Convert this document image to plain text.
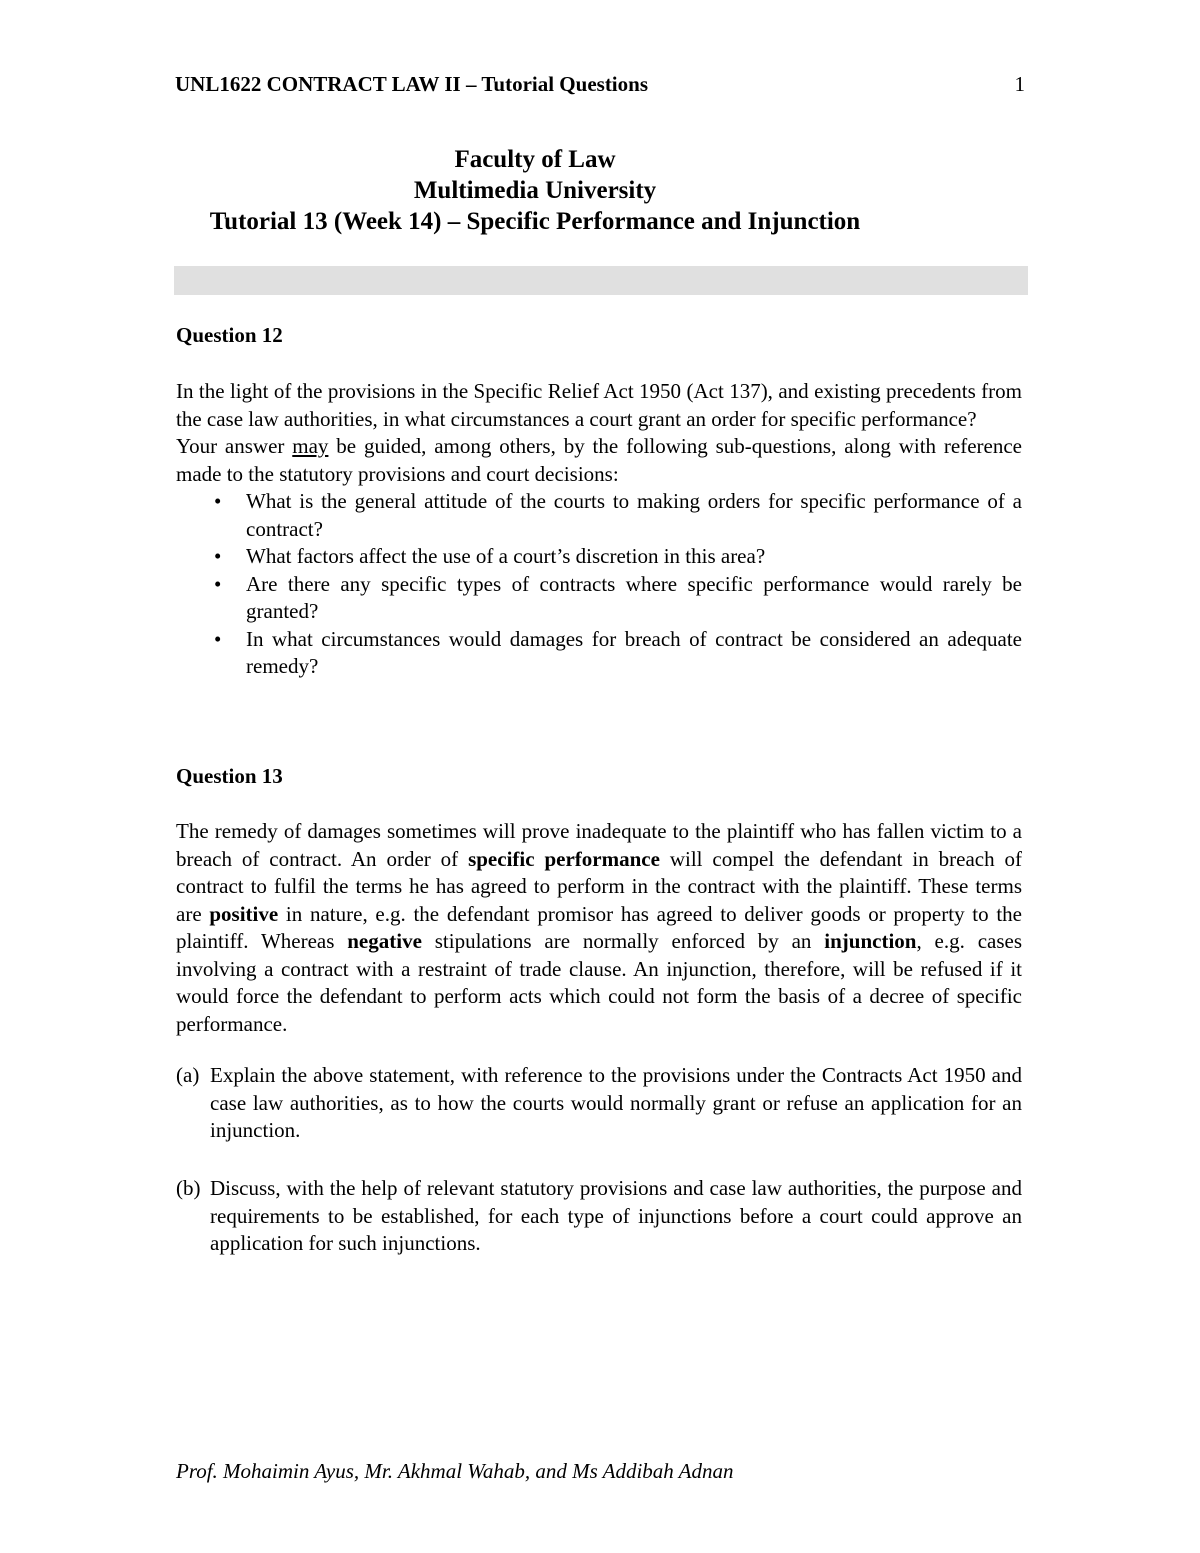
UNL1622 CONTRACT LAW II – Tutorial Questions	1
Faculty of Law
Multimedia University
Tutorial 13 (Week 14) – Specific Performance and Injunction
Question 12

In the light of the provisions in the Specific Relief Act 1950 (Act 137), and existing precedents from the case law authorities, in what circumstances a court grant an order for specific performance?

Your answer may be guided, among others, by the following sub-questions, along with reference made to the statutory provisions and court decisions:

• What is the general attitude of the courts to making orders for specific performance of a contract?
• What factors affect the use of a court’s discretion in this area?
• Are there any specific types of contracts where specific performance would rarely be granted?
• In what circumstances would damages for breach of contract be considered an adequate remedy?
Question 13

The remedy of damages sometimes will prove inadequate to the plaintiff who has fallen victim to a breach of contract. An order of specific performance will compel the defendant in breach of contract to fulfil the terms he has agreed to perform in the contract with the plaintiff. These terms are positive in nature, e.g. the defendant promisor has agreed to deliver goods or property to the plaintiff. Whereas negative stipulations are normally enforced by an injunction, e.g. cases involving a contract with a restraint of trade clause. An injunction, therefore, will be refused if it would force the defendant to perform acts which could not form the basis of a decree of specific performance.

(a) Explain the above statement, with reference to the provisions under the Contracts Act 1950 and case law authorities, as to how the courts would normally grant or refuse an application for an injunction.
(b) Discuss, with the help of relevant statutory provisions and case law authorities, the purpose and requirements to be established, for each type of injunctions before a court could approve an application for such injunctions.
Prof. Mohaimin Ayus, Mr. Akhmal Wahab, and Ms Addibah Adnan
